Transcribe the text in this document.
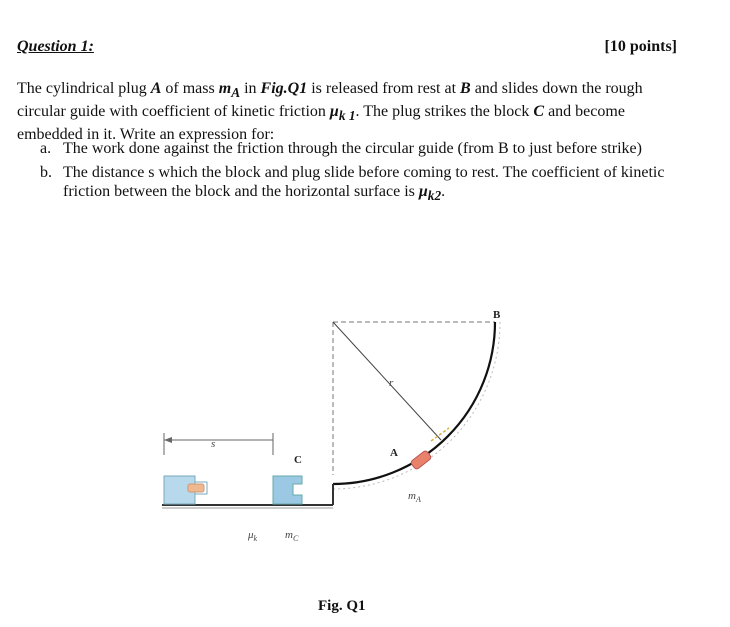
Question 1:	[10 points]
The cylindrical plug A of mass $m_A$ in Fig.Q1 is released from rest at B and slides down the rough circular guide with coefficient of kinetic friction $\mu_{k 1}$. The plug strikes the block C and become embedded in it. Write an expression for:
a. The work done against the friction through the circular guide (from B to just before strike)
b. The distance s which the block and plug slide before coming to rest. The coefficient of kinetic friction between the block and the horizontal surface is $\mu_{k2}$.
B
r
A
C
s
$m_A$
$\mu_k$	$m_C$
Fig. Q1
